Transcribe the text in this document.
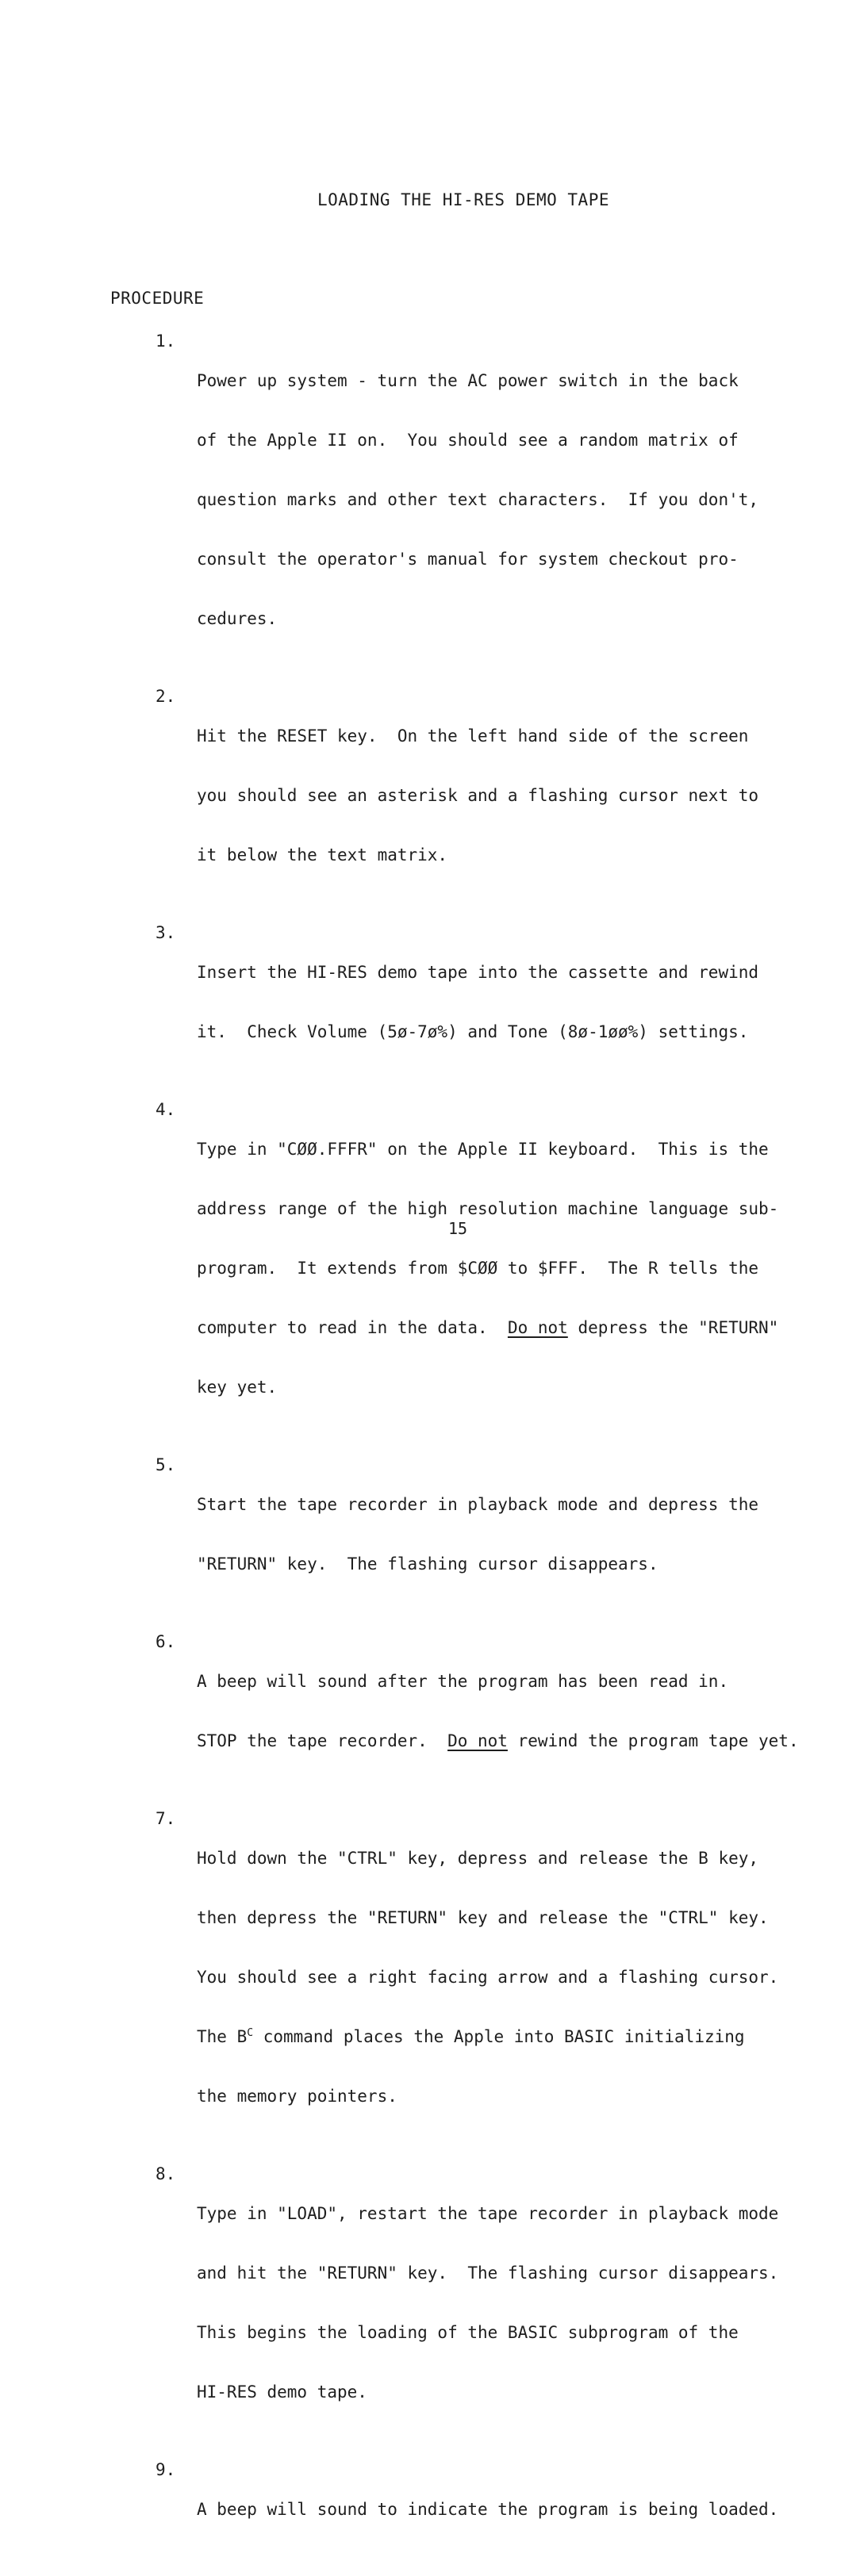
LOADING THE HI-RES DEMO TAPE
PROCEDURE
1.

Power up system - turn the AC power switch in the back

of the Apple II on.  You should see a random matrix of

question marks and other text characters.  If you don't,

consult the operator's manual for system checkout pro-

cedures.

2.

Hit the RESET key.  On the left hand side of the screen

you should see an asterisk and a flashing cursor next to

it below the text matrix.

3.

Insert the HI-RES demo tape into the cassette and rewind

it.  Check Volume (5ø-7ø%) and Tone (8ø-1øø%) settings.

4.

Type in "CØØ.FFFR" on the Apple II keyboard.  This is the

address range of the high resolution machine language sub-

program.  It extends from $CØØ to $FFF.  The R tells the

computer to read in the data.  Do not depress the "RETURN"

key yet.

5.

Start the tape recorder in playback mode and depress the

"RETURN" key.  The flashing cursor disappears.

6.

A beep will sound after the program has been read in.

STOP the tape recorder.  Do not rewind the program tape yet.

7.

Hold down the "CTRL" key, depress and release the B key,

then depress the "RETURN" key and release the "CTRL" key.

You should see a right facing arrow and a flashing cursor.

The $B^C$ command places the Apple into BASIC initializing

the memory pointers.

8.

Type in "LOAD", restart the tape recorder in playback mode

and hit the "RETURN" key.  The flashing cursor disappears.

This begins the loading of the BASIC subprogram of the

HI-RES demo tape.

9.

A beep will sound to indicate the program is being loaded.

15
